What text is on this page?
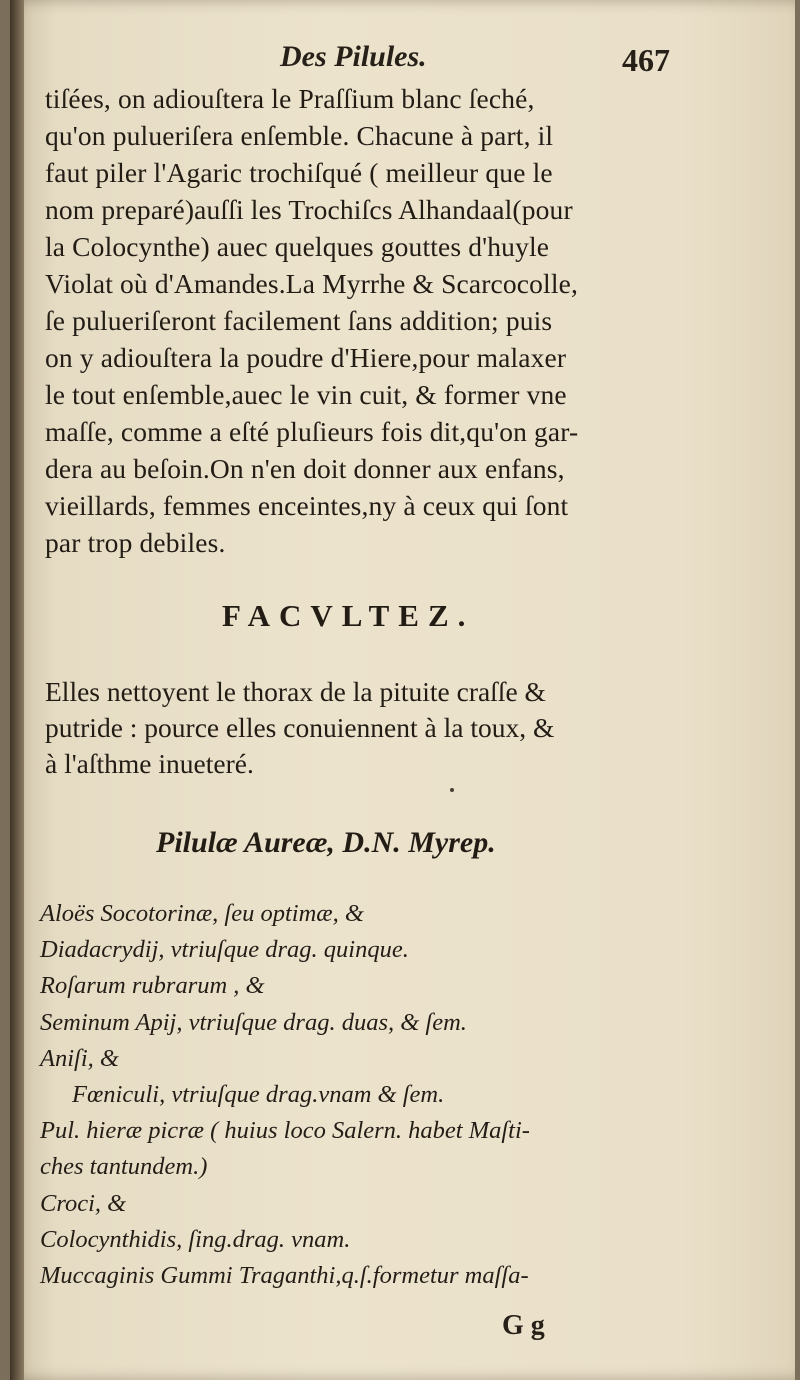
Des Pilules.	467
tiſées, on adiouſtera le Praſſium blanc ſeché,
qu'on pulueriſera enſemble. Chacune à part, il
faut piler l'Agaric trochiſqué ( meilleur que le
nom preparé)auſſi les Trochiſcs Alhandaal(pour
la Colocynthe) auec quelques gouttes d'huyle
Violat où d'Amandes.La Myrrhe & Scarcocolle,
ſe pulueriſeront facilement ſans addition; puis
on y adiouſtera la poudre d'Hiere,pour malaxer
le tout enſemble,auec le vin cuit, & former vne
maſſe, comme a eſté pluſieurs fois dit,qu'on gar-
dera au beſoin.On n'en doit donner aux enfans,
vieillards, femmes enceintes,ny à ceux qui ſont
par trop debiles.
FACVLTEZ.
Elles nettoyent le thorax de la pituite craſſe &
putride : pource elles conuiennent à la toux, &
à l'aſthme inueteré.
Pilulæ Aureæ, D.N. Myrep.
Aloës Socotorinæ, ſeu optimæ, &
Diadacrydij, vtriuſque drag. quinque.
Roſarum rubrarum , &
Seminum Apij, vtriuſque drag. duas, & ſem.
Aniſi, &
Fœniculi, vtriuſque drag.vnam & ſem.
Pul. hieræ picræ ( huius loco Salern. habet Maſti-
ches tantundem.)
Croci, &
Colocynthidis, ſing.drag. vnam.
Muccaginis Gummi Traganthi,q.ſ.formetur maſſa-
G g
